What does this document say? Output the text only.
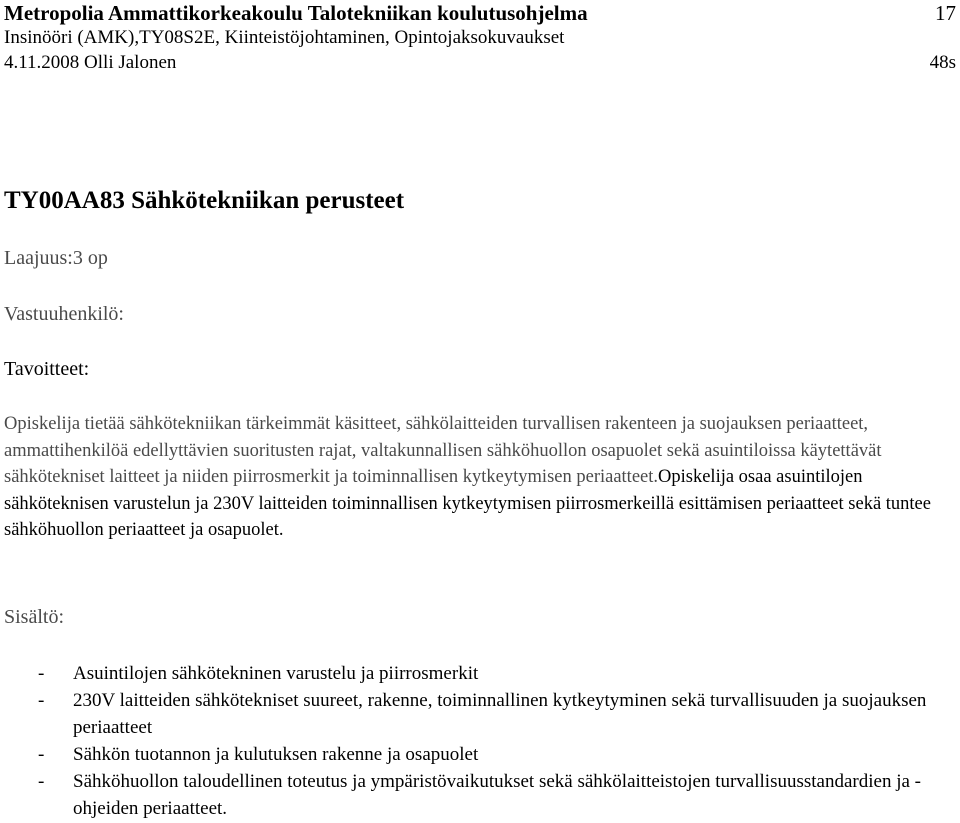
Metropolia Ammattikorkeakoulu Talotekniikan koulutusohjelma	17
Insinööri (AMK),TY08S2E, Kiinteistöjohtaminen, Opintojaksokuvaukset
4.11.2008 Olli Jalonen	48s
TY00AA83 Sähkötekniikan perusteet
Laajuus:3 op
Vastuuhenkilö:
Tavoitteet:
Opiskelija tietää sähkötekniikan tärkeimmät käsitteet, sähkölaitteiden turvallisen rakenteen ja suojauksen periaatteet, ammattihenkilöä edellyttävien suoritusten rajat, valtakunnallisen sähköhuollon osapuolet sekä asuintiloissa käytettävät sähkötekniset laitteet ja niiden piirrosmerkit ja toiminnallisen kytkeytymisen periaatteet.Opiskelija osaa asuintilojen sähköteknisen varustelun ja 230V laitteiden toiminnallisen kytkeytymisen piirrosmerkeillä esittämisen periaatteet sekä tuntee sähköhuollon periaatteet ja osapuolet.
Sisältö:
- Asuintilojen sähkötekninen varustelu ja piirrosmerkit
- 230V laitteiden sähkötekniset suureet, rakenne, toiminnallinen kytkeytyminen sekä turvallisuuden ja suojauksen periaatteet
- Sähkön tuotannon ja kulutuksen rakenne ja osapuolet
- Sähköhuollon taloudellinen toteutus ja ympäristövaikutukset sekä sähkölaitteistojen turvallisuusstandardien ja -ohjeiden periaatteet.
